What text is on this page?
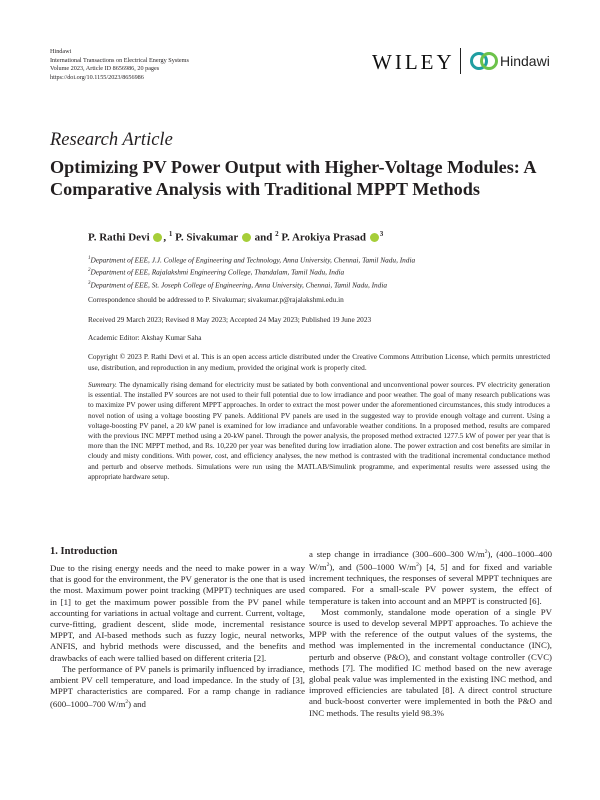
Hindawi
International Transactions on Electrical Energy Systems
Volume 2023, Article ID 8656986, 20 pages
https://doi.org/10.1155/2023/8656986
WILEY	Hindawi
Research Article
Optimizing PV Power Output with Higher-Voltage Modules: A Comparative Analysis with Traditional MPPT Methods
P. Rathi Devi , $^1$ P. Sivakumar  and $^2$ P. Arokiya Prasad $^3$
$^1$Department of EEE, J.J. College of Engineering and Technology, Anna University, Chennai, Tamil Nadu, India
$^2$Department of EEE, Rajalakshmi Engineering College, Thandalam, Tamil Nadu, India
$^3$Department of EEE, St. Joseph College of Engineering, Anna University, Chennai, Tamil Nadu, India
Correspondence should be addressed to P. Sivakumar; sivakumar.p@rajalakshmi.edu.in
Received 29 March 2023; Revised 8 May 2023; Accepted 24 May 2023; Published 19 June 2023
Academic Editor: Akshay Kumar Saha
Copyright © 2023 P. Rathi Devi et al. This is an open access article distributed under the Creative Commons Attribution License, which permits unrestricted use, distribution, and reproduction in any medium, provided the original work is properly cited.
Summary. The dynamically rising demand for electricity must be satiated by both conventional and unconventional power sources. PV electricity generation is essential. The installed PV sources are not used to their full potential due to low irradiance and poor weather. The goal of many research publications was to maximize PV power using different MPPT approaches. In order to extract the most power under the aforementioned circumstances, this study introduces a novel notion of using a voltage boosting PV panels. Additional PV panels are used in the suggested way to provide enough voltage and current. Using a voltage-boosting PV panel, a 20 kW panel is examined for low irradiance and unfavorable weather conditions. In a proposed method, results are compared with the previous INC MPPT method using a 20-kW panel. Through the power analysis, the proposed method extracted 1277.5 kW of power per year that is more than the INC MPPT method, and Rs. 10,220 per year was benefited during low irradiation alone. The power extraction and cost benefits are similar in cloudy and misty conditions. With power, cost, and efficiency analyses, the new method is contrasted with the traditional incremental conductance method and perturb and observe methods. Simulations were run using the MATLAB/Simulink programme, and experimental results were assessed using the appropriate hardware setup.
1. Introduction

Due to the rising energy needs and the need to make power in a way that is good for the environment, the PV generator is the one that is used the most. Maximum power point tracking (MPPT) techniques are used in [1] to get the maximum power possible from the PV panel while accounting for variations in actual voltage and current. Current, voltage, curve-fitting, gradient descent, slide mode, incremental resistance MPPT, and AI-based methods such as fuzzy logic, neural networks, ANFIS, and hybrid methods were discussed, and the benefits and drawbacks of each were tallied based on different criteria [2].

The performance of PV panels is primarily influenced by irradiance, ambient PV cell temperature, and load impedance. In the study of [3], MPPT characteristics are compared. For a ramp change in radiance (600–1000–700 $W/m^2$) and

a step change in irradiance (300–600–300 $W/m^2$), (400–1000–400 $W/m^2$), and (500–1000 $W/m^2$) [4, 5] and for fixed and variable increment techniques, the responses of several MPPT techniques are compared. For a small-scale PV power system, the effect of temperature is taken into account and an MPPT is constructed [6].

Most commonly, standalone mode operation of a single PV source is used to develop several MPPT approaches. To achieve the MPP with the reference of the output values of the systems, the method was implemented in the incremental conductance (INC), perturb and observe (P&O), and constant voltage controller (CVC) methods [7]. The modified IC method based on the new average global peak value was implemented in the existing INC method, and improved efficiencies are tabulated [8]. A direct control structure and buck-boost converter were implemented in both the P&O and INC methods. The results yield 98.3%
